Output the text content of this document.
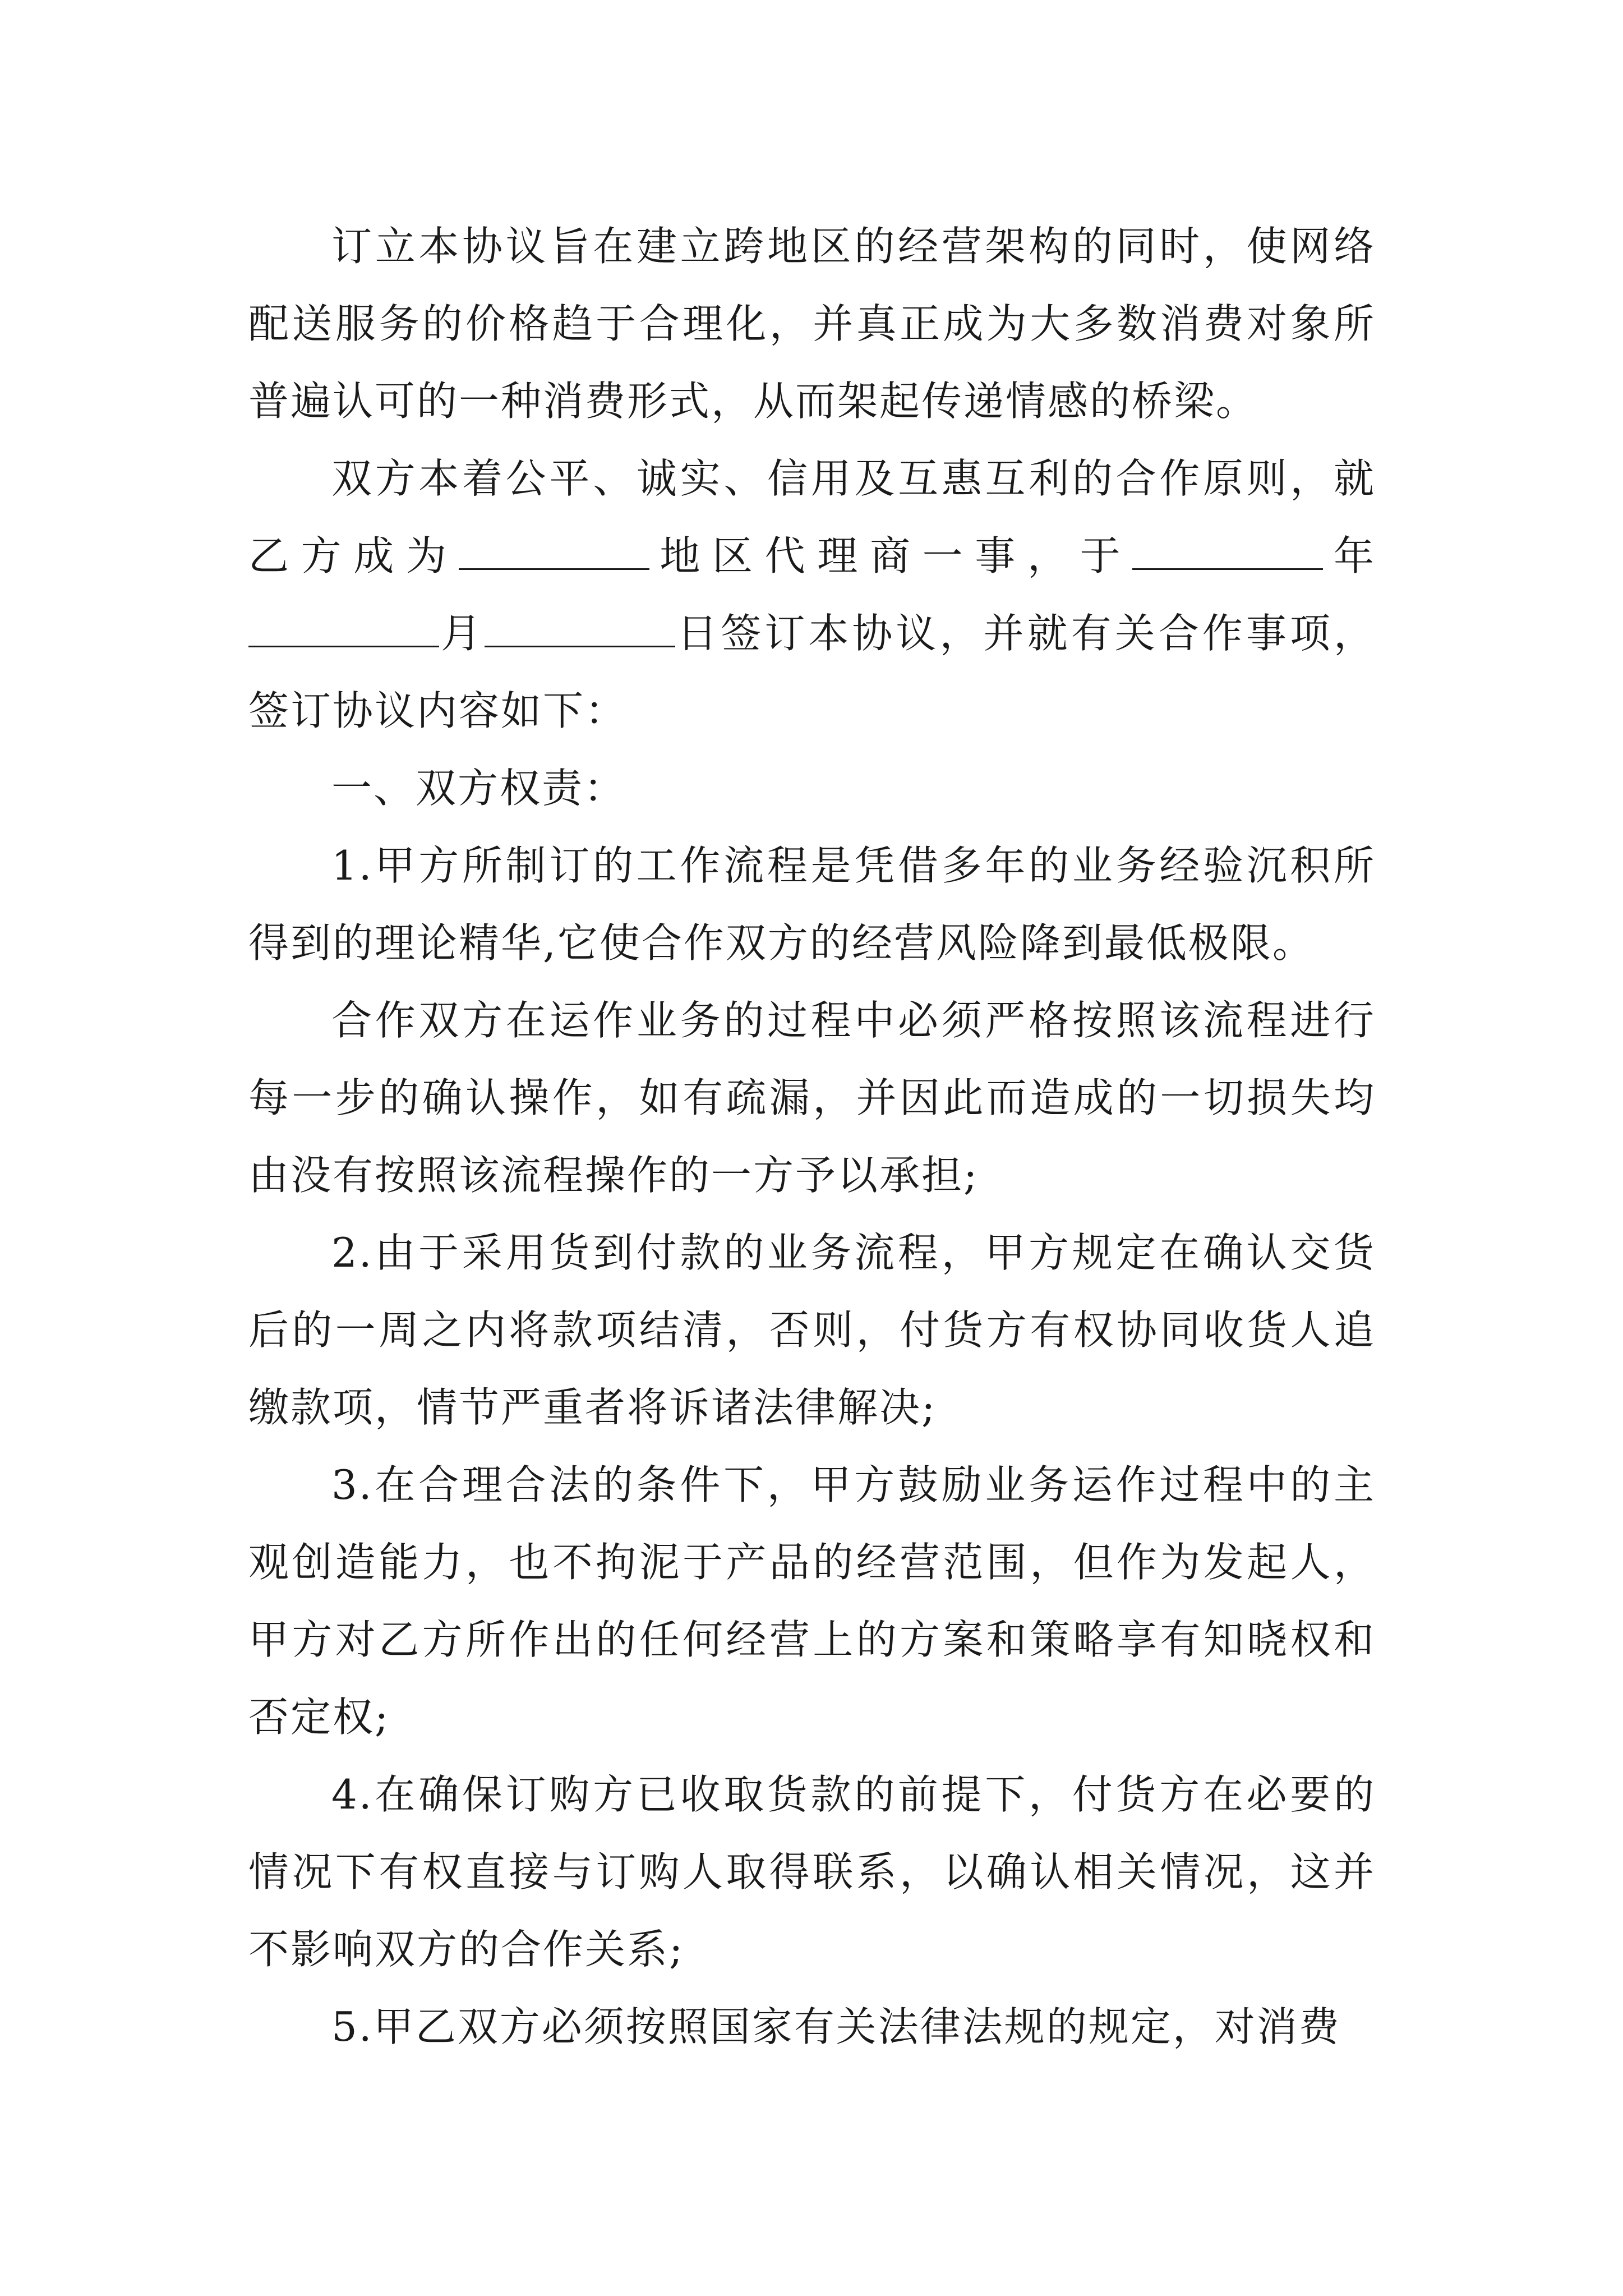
订立本协议旨在建立跨地区的经营架构的同时，使网络配送服务的价格趋于合理化，并真正成为大多数消费对象所普遍认可的一种消费形式，从而架起传递情感的桥梁。

双方本着公平、诚实、信用及互惠互利的合作原则，就乙方成为	地区代理商一事，于	年月	日签订本协议，并就有关合作事项，签订协议内容如下：

一、双方权责：

1.甲方所制订的工作流程是凭借多年的业务经验沉积所得到的理论精华,它使合作双方的经营风险降到最低极限。

合作双方在运作业务的过程中必须严格按照该流程进行每一步的确认操作，如有疏漏，并因此而造成的一切损失均由没有按照该流程操作的一方予以承担;

2.由于采用货到付款的业务流程，甲方规定在确认交货后的一周之内将款项结清，否则，付货方有权协同收货人追缴款项，情节严重者将诉诸法律解决;

3.在合理合法的条件下，甲方鼓励业务运作过程中的主观创造能力，也不拘泥于产品的经营范围，但作为发起人，甲方对乙方所作出的任何经营上的方案和策略享有知晓权和否定权;

4.在确保订购方已收取货款的前提下，付货方在必要的情况下有权直接与订购人取得联系，以确认相关情况，这并不影响双方的合作关系;

5.甲乙双方必须按照国家有关法律法规的规定，对消费
